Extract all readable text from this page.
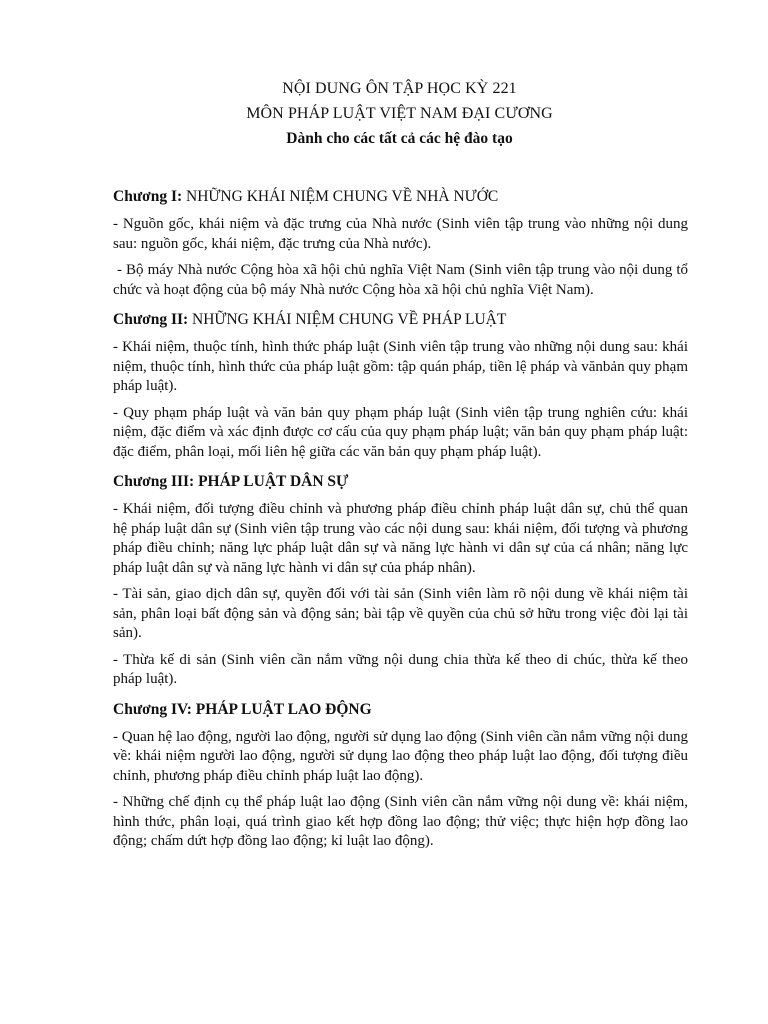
NỘI DUNG ÔN TẬP HỌC KỲ 221
MÔN PHÁP LUẬT VIỆT NAM ĐẠI CƯƠNG
Dành cho các tất cả các hệ đào tạo
Chương I: NHỮNG KHÁI NIỆM CHUNG VỀ NHÀ NƯỚC

- Nguồn gốc, khái niệm và đặc trưng của Nhà nước (Sinh viên tập trung vào những nội dung sau: nguồn gốc, khái niệm, đặc trưng của Nhà nước).

- Bộ máy Nhà nước Cộng hòa xã hội chủ nghĩa Việt Nam (Sinh viên tập trung vào nội dung tổ chức và hoạt động của bộ máy Nhà nước Cộng hòa xã hội chủ nghĩa Việt Nam).

Chương II: NHỮNG KHÁI NIỆM CHUNG VỀ PHÁP LUẬT

- Khái niệm, thuộc tính, hình thức pháp luật (Sinh viên tập trung vào những nội dung sau: khái niệm, thuộc tính, hình thức của pháp luật gồm: tập quán pháp, tiền lệ pháp và vănbản quy phạm pháp luật).

- Quy phạm pháp luật và văn bản quy phạm pháp luật (Sinh viên tập trung nghiên cứu: khái niệm, đặc điểm và xác định được cơ cấu của quy phạm pháp luật; văn bản quy phạm pháp luật: đặc điểm, phân loại, mối liên hệ giữa các văn bản quy phạm pháp luật).

Chương III: PHÁP LUẬT DÂN SỰ

- Khái niệm, đối tượng điều chỉnh và phương pháp điều chỉnh pháp luật dân sự, chủ thể quan hệ pháp luật dân sự (Sinh viên tập trung vào các nội dung sau: khái niệm, đối tượng và phương pháp điều chỉnh; năng lực pháp luật dân sự và năng lực hành vi dân sự của cá nhân; năng lực pháp luật dân sự và năng lực hành vi dân sự của pháp nhân).

- Tài sản, giao dịch dân sự, quyền đối với tài sản (Sinh viên làm rõ nội dung về khái niệm tài sản, phân loại bất động sản và động sản; bài tập về quyền của chủ sở hữu trong việc đòi lại tài sản).

- Thừa kế di sản (Sinh viên cần nắm vững nội dung chia thừa kế theo di chúc, thừa kế theo pháp luật).

Chương IV: PHÁP LUẬT LAO ĐỘNG

- Quan hệ lao động, người lao động, người sử dụng lao động (Sinh viên cần nắm vững nội dung về: khái niệm người lao động, người sử dụng lao động theo pháp luật lao động, đối tượng điều chỉnh, phương pháp điều chỉnh pháp luật lao động).

- Những chế định cụ thể pháp luật lao động (Sinh viên cần nắm vững nội dung về: khái niệm, hình thức, phân loại, quá trình giao kết hợp đồng lao động; thử việc; thực hiện hợp đồng lao động; chấm dứt hợp đồng lao động; kỉ luật lao động).
